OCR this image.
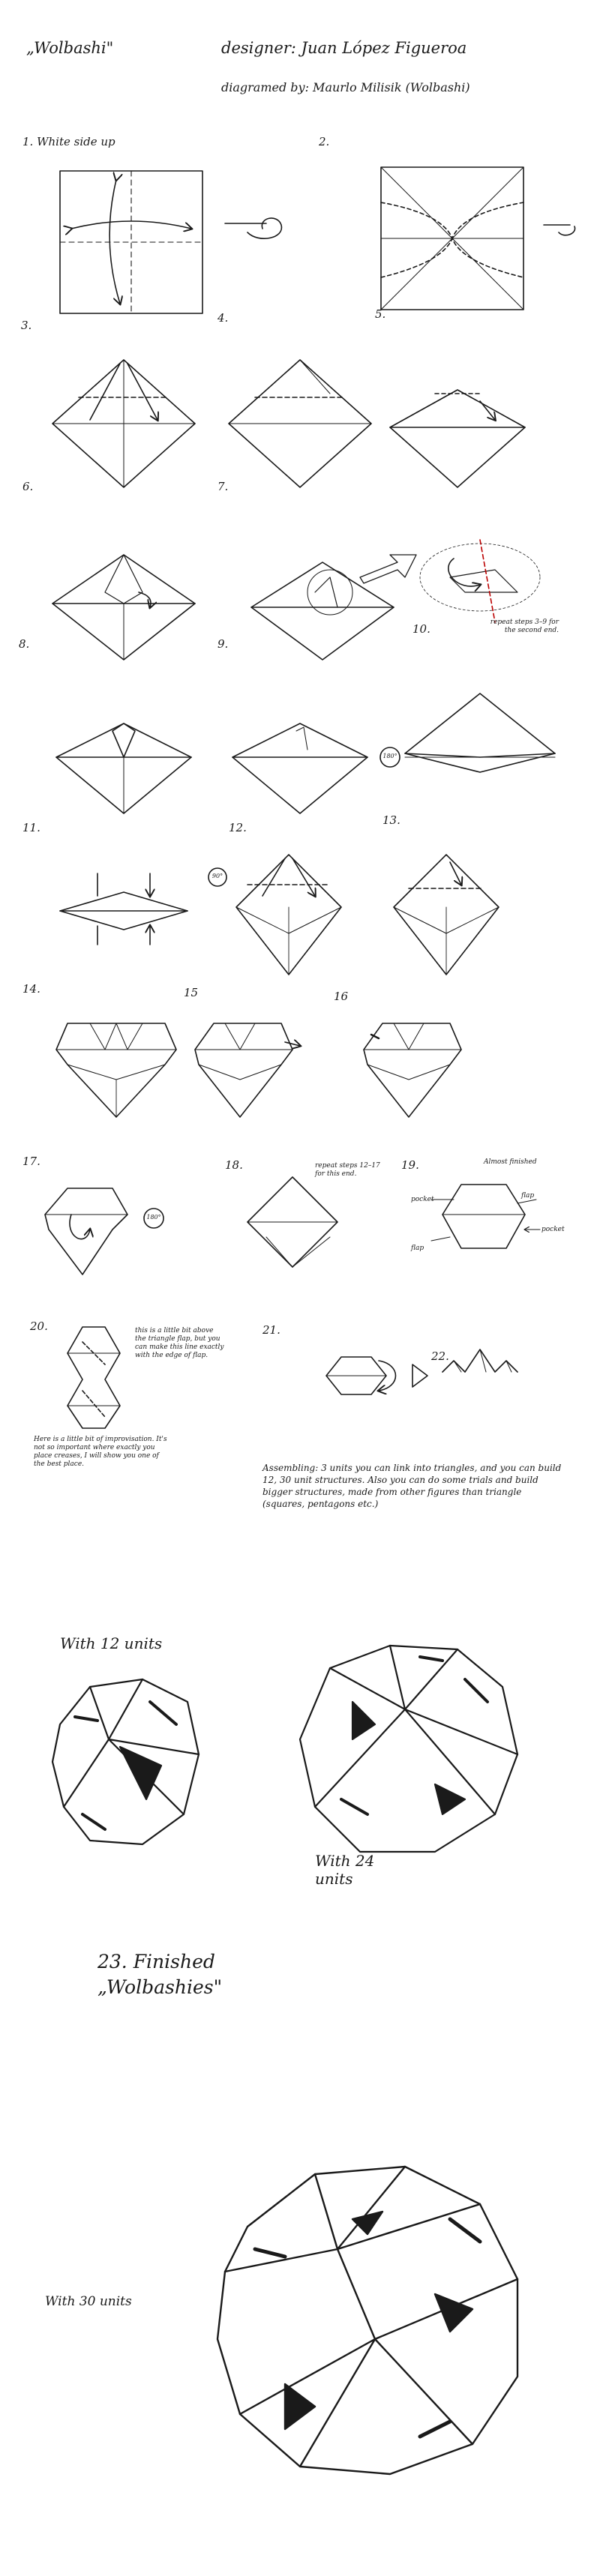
„Wolbashi"	designer: Juan López Figueroa
diagramed by: Maurlo Milisik (Wolbashi)
1. White side up	2.
3.
4.	5.
6.	7.
8.	9.
10.
11.	12.
13.
14.	15	16
17.	18.	19.
20.	21.
22.
repeat steps 3–9 for the second end.
repeat steps 12–17 for this end.
Almost finished
flap
pocket
flap
pocket
this is a little bit above the triangle flap, but you can make this line exactly with the edge of flap.
Here is a little bit of improvisation. It's not so important where exactly you place creases, I will show you one of the best place.	Assembling: 3 units you can link into triangles, and you can build 12, 30 unit structures. Also you can do some trials and build bigger structures, made from other figures than triangle (squares, pentagons etc.)
180°
90°
180°
With 12 units
With 24 units
23. Finished „Wolbashies"
With 30 units
